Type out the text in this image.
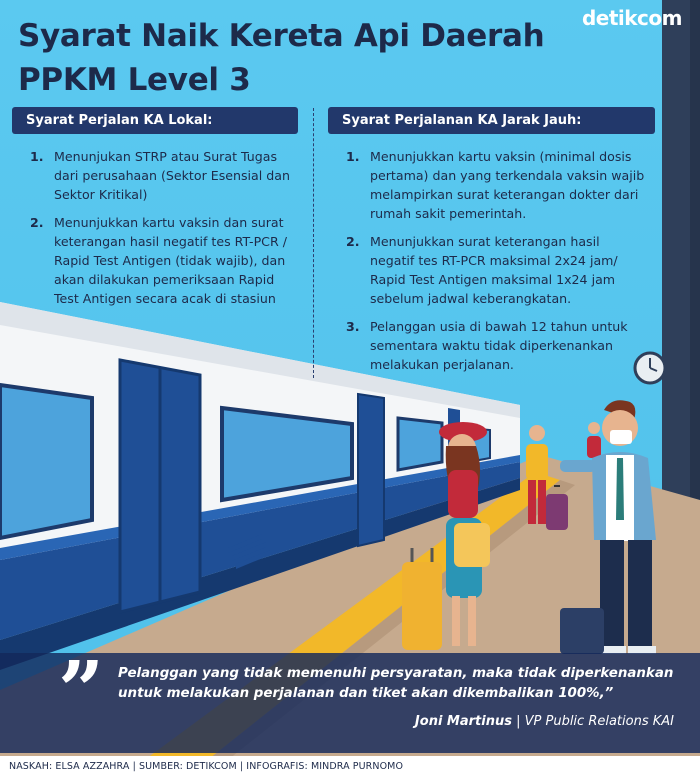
Syarat Naik Kereta Api Daerah
PPKM Level 3
detikcom
Syarat Perjalan KA Lokal:
1. Menunjukan STRP atau Surat Tugas dari perusahaan (Sektor Esensial dan Sektor Kritikal)
2. Menunjukkan kartu vaksin dan surat keterangan hasil negatif tes RT-PCR / Rapid Test Antigen (tidak wajib), dan akan dilakukan pemeriksaan Rapid Test Antigen secara acak di stasiun
Syarat Perjalanan KA Jarak Jauh:
1. Menunjukkan kartu vaksin (minimal dosis pertama) dan yang terkendala vaksin wajib melampirkan surat keterangan dokter dari rumah sakit pemerintah.
2. Menunjukkan surat keterangan hasil negatif tes RT-PCR maksimal 2x24 jam/ Rapid Test Antigen maksimal 1x24 jam sebelum jadwal keberangkatan.
3. Pelanggan usia di bawah 12 tahun untuk sementara waktu tidak diperkenankan melakukan perjalanan.
” Pelanggan yang tidak memenuhi persyaratan, maka tidak diperkenankan untuk melakukan perjalanan dan tiket akan dikembalikan 100%,”
Joni Martinus | VP Public Relations KAI
NASKAH: ELSA AZZAHRA | SUMBER: DETIKCOM | INFOGRAFIS: MINDRA PURNOMO
